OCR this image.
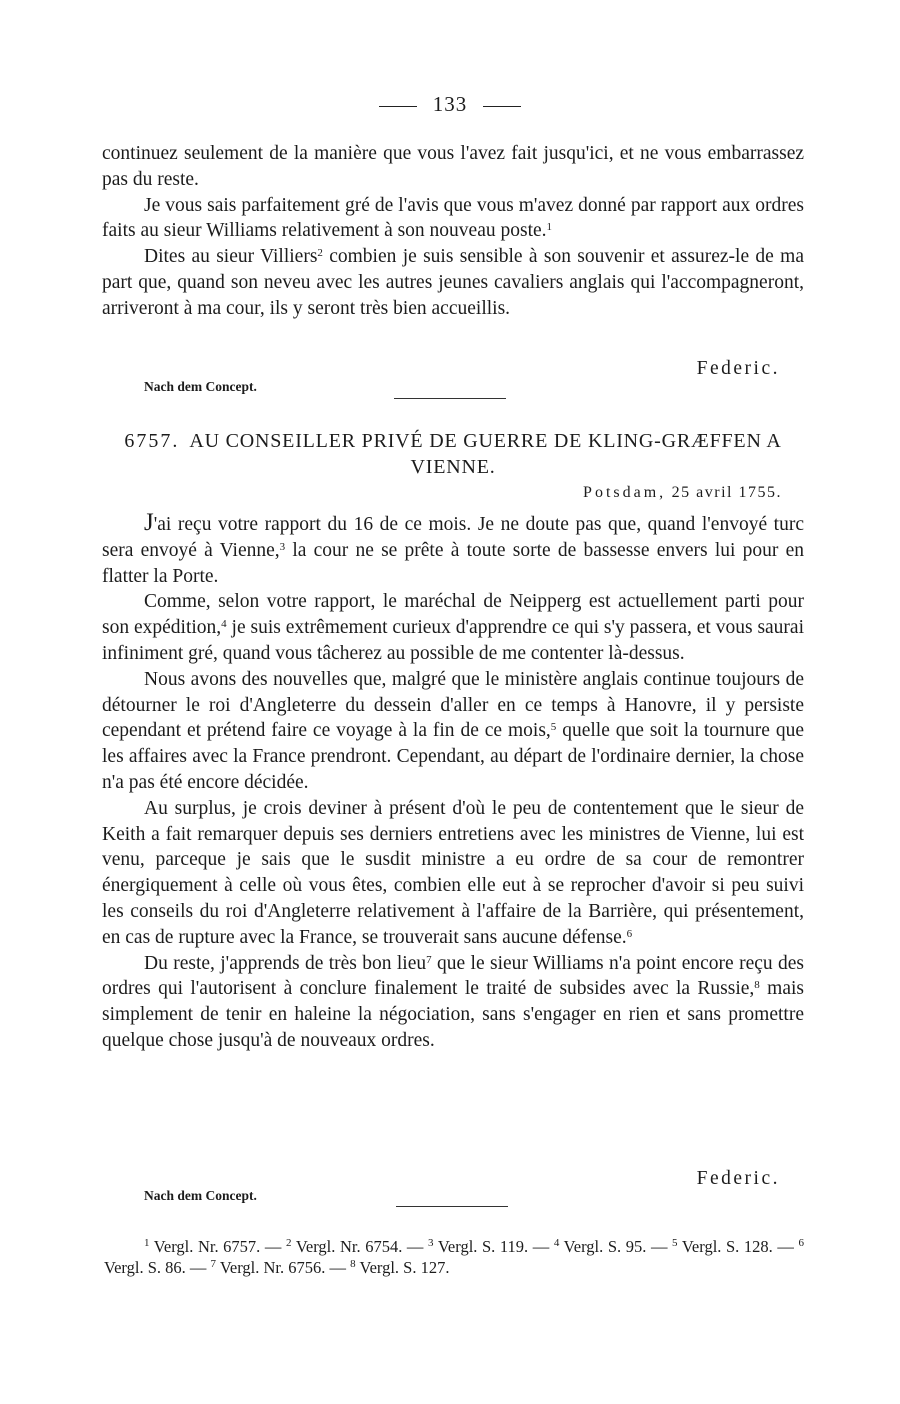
133

continuez seulement de la manière que vous l'avez fait jusqu'ici, et ne vous embarrassez pas du reste.

Je vous sais parfaitement gré de l'avis que vous m'avez donné par rapport aux ordres faits au sieur Williams relativement à son nouveau poste.$^1$

Dites au sieur Villiers$^2$ combien je suis sensible à son souvenir et assurez-le de ma part que, quand son neveu avec les autres jeunes cavaliers anglais qui l'accompagneront, arriveront à ma cour, ils y seront très bien accueillis.

Federic.
Nach dem Concept.
6757. AU CONSEILLER PRIVÉ DE GUERRE DE KLING-GRÆFFEN A VIENNE.
Potsdam, 25 avril 1755.

J'ai reçu votre rapport du 16 de ce mois. Je ne doute pas que, quand l'envoyé turc sera envoyé à Vienne,$^3$ la cour ne se prête à toute sorte de bassesse envers lui pour en flatter la Porte.

Comme, selon votre rapport, le maréchal de Neipperg est actuellement parti pour son expédition,$^4$ je suis extrêmement curieux d'apprendre ce qui s'y passera, et vous saurai infiniment gré, quand vous tâcherez au possible de me contenter là-dessus.

Nous avons des nouvelles que, malgré que le ministère anglais continue toujours de détourner le roi d'Angleterre du dessein d'aller en ce temps à Hanovre, il y persiste cependant et prétend faire ce voyage à la fin de ce mois,$^5$ quelle que soit la tournure que les affaires avec la France prendront. Cependant, au départ de l'ordinaire dernier, la chose n'a pas été encore décidée.

Au surplus, je crois deviner à présent d'où le peu de contentement que le sieur de Keith a fait remarquer depuis ses derniers entretiens avec les ministres de Vienne, lui est venu, parceque je sais que le susdit ministre a eu ordre de sa cour de remontrer énergiquement à celle où vous êtes, combien elle eut à se reprocher d'avoir si peu suivi les conseils du roi d'Angleterre relativement à l'affaire de la Barrière, qui présentement, en cas de rupture avec la France, se trouverait sans aucune défense.$^6$

Du reste, j'apprends de très bon lieu$^7$ que le sieur Williams n'a point encore reçu des ordres qui l'autorisent à conclure finalement le traité de subsides avec la Russie,$^8$ mais simplement de tenir en haleine la négociation, sans s'engager en rien et sans promettre quelque chose jusqu'à de nouveaux ordres.

Federic.
Nach dem Concept.
$^1$ Vergl. Nr. 6757. — $^2$ Vergl. Nr. 6754. — $^3$ Vergl. S. 119. — $^4$ Vergl. S. 95. — $^5$ Vergl. S. 128. — $^6$ Vergl. S. 86. — $^7$ Vergl. Nr. 6756. — $^8$ Vergl. S. 127.
